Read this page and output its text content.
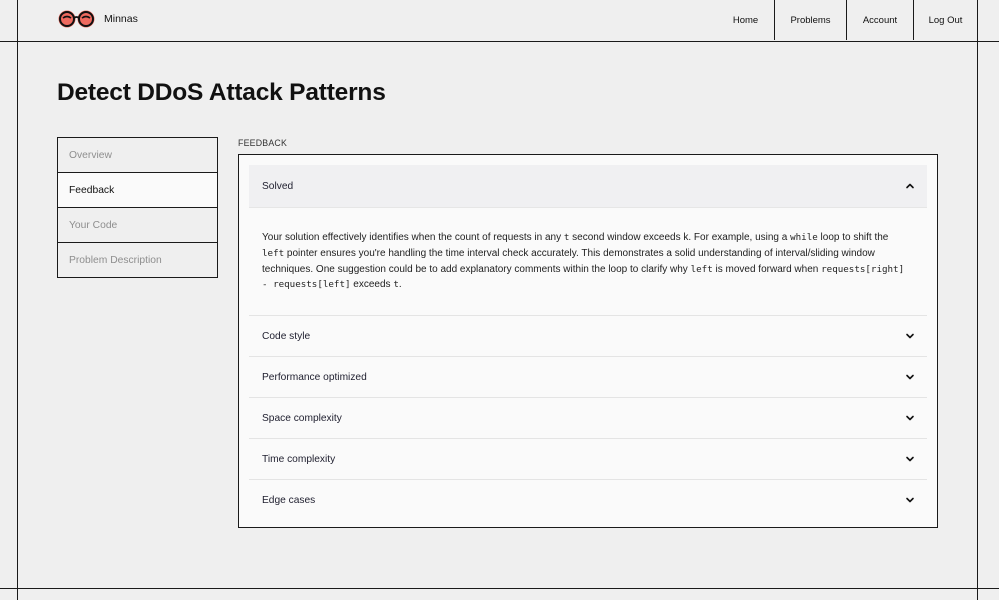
Minnas	Home	Problems	Account	Log Out
Detect DDoS Attack Patterns
Overview
Feedback
Your Code
Problem Description
FEEDBACK
Solved
Your solution effectively identifies when the count of requests in any t second window exceeds k. For example, using a while loop to shift the left pointer ensures you're handling the time interval check accurately. This demonstrates a solid understanding of interval/sliding window techniques. One suggestion could be to add explanatory comments within the loop to clarify why left is moved forward when requests[right] - requests[left] exceeds t.
Code style
Performance optimized
Space complexity
Time complexity
Edge cases
